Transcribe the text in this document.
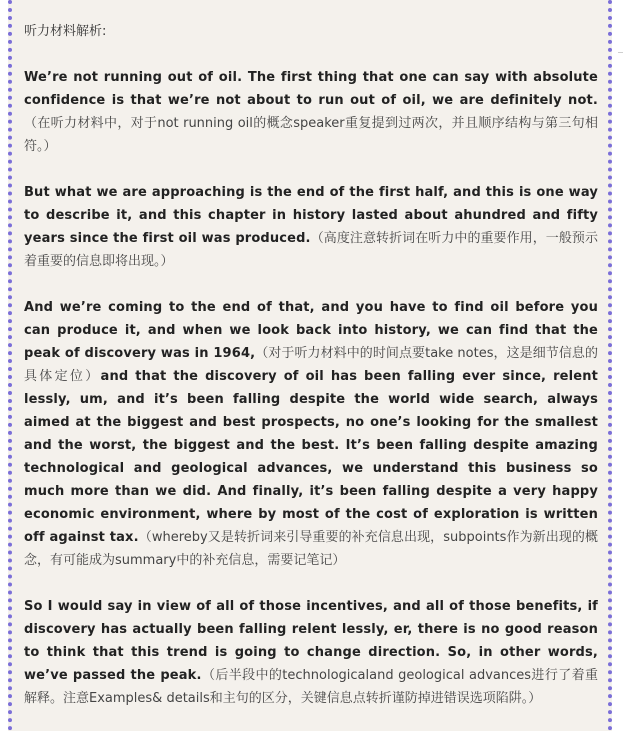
听力材料解析:

We’re not running out of oil. The first thing that one can say with absolute confidence is that we’re not about to run out of oil, we are definitely not.（在听力材料中，对于not running oil的概念speaker重复提到过两次，并且顺序结构与第三句相符。）

But what we are approaching is the end of the first half, and this is one way to describe it, and this chapter in history lasted about ahundred and fifty years since the first oil was produced.（高度注意转折词在听力中的重要作用，一般预示着重要的信息即将出现。）

And we’re coming to the end of that, and you have to find oil before you can produce it, and when we look back into history, we can find that the peak of discovery was in 1964,（对于听力材料中的时间点要take notes，这是细节信息的具体定位）and that the discovery of oil has been falling ever since, relent lessly, um, and it’s been falling despite the world wide search, always aimed at the biggest and best prospects, no one’s looking for the smallest and the worst, the biggest and the best. It’s been falling despite amazing technological and geological advances, we understand this business so much more than we did. And finally, it’s been falling despite a very happy economic environment, where by most of the cost of exploration is written off against tax.（whereby又是转折词来引导重要的补充信息出现，subpoints作为新出现的概念，有可能成为summary中的补充信息，需要记笔记）

So I would say in view of all of those incentives, and all of those benefits, if discovery has actually been falling relent lessly, er, there is no good reason to think that this trend is going to change direction. So, in other words, we’ve passed the peak.（后半段中的technologicaland geological advances进行了着重解释。注意Examples& details和主句的区分，关键信息点转折谨防掉进错误选项陷阱。）
